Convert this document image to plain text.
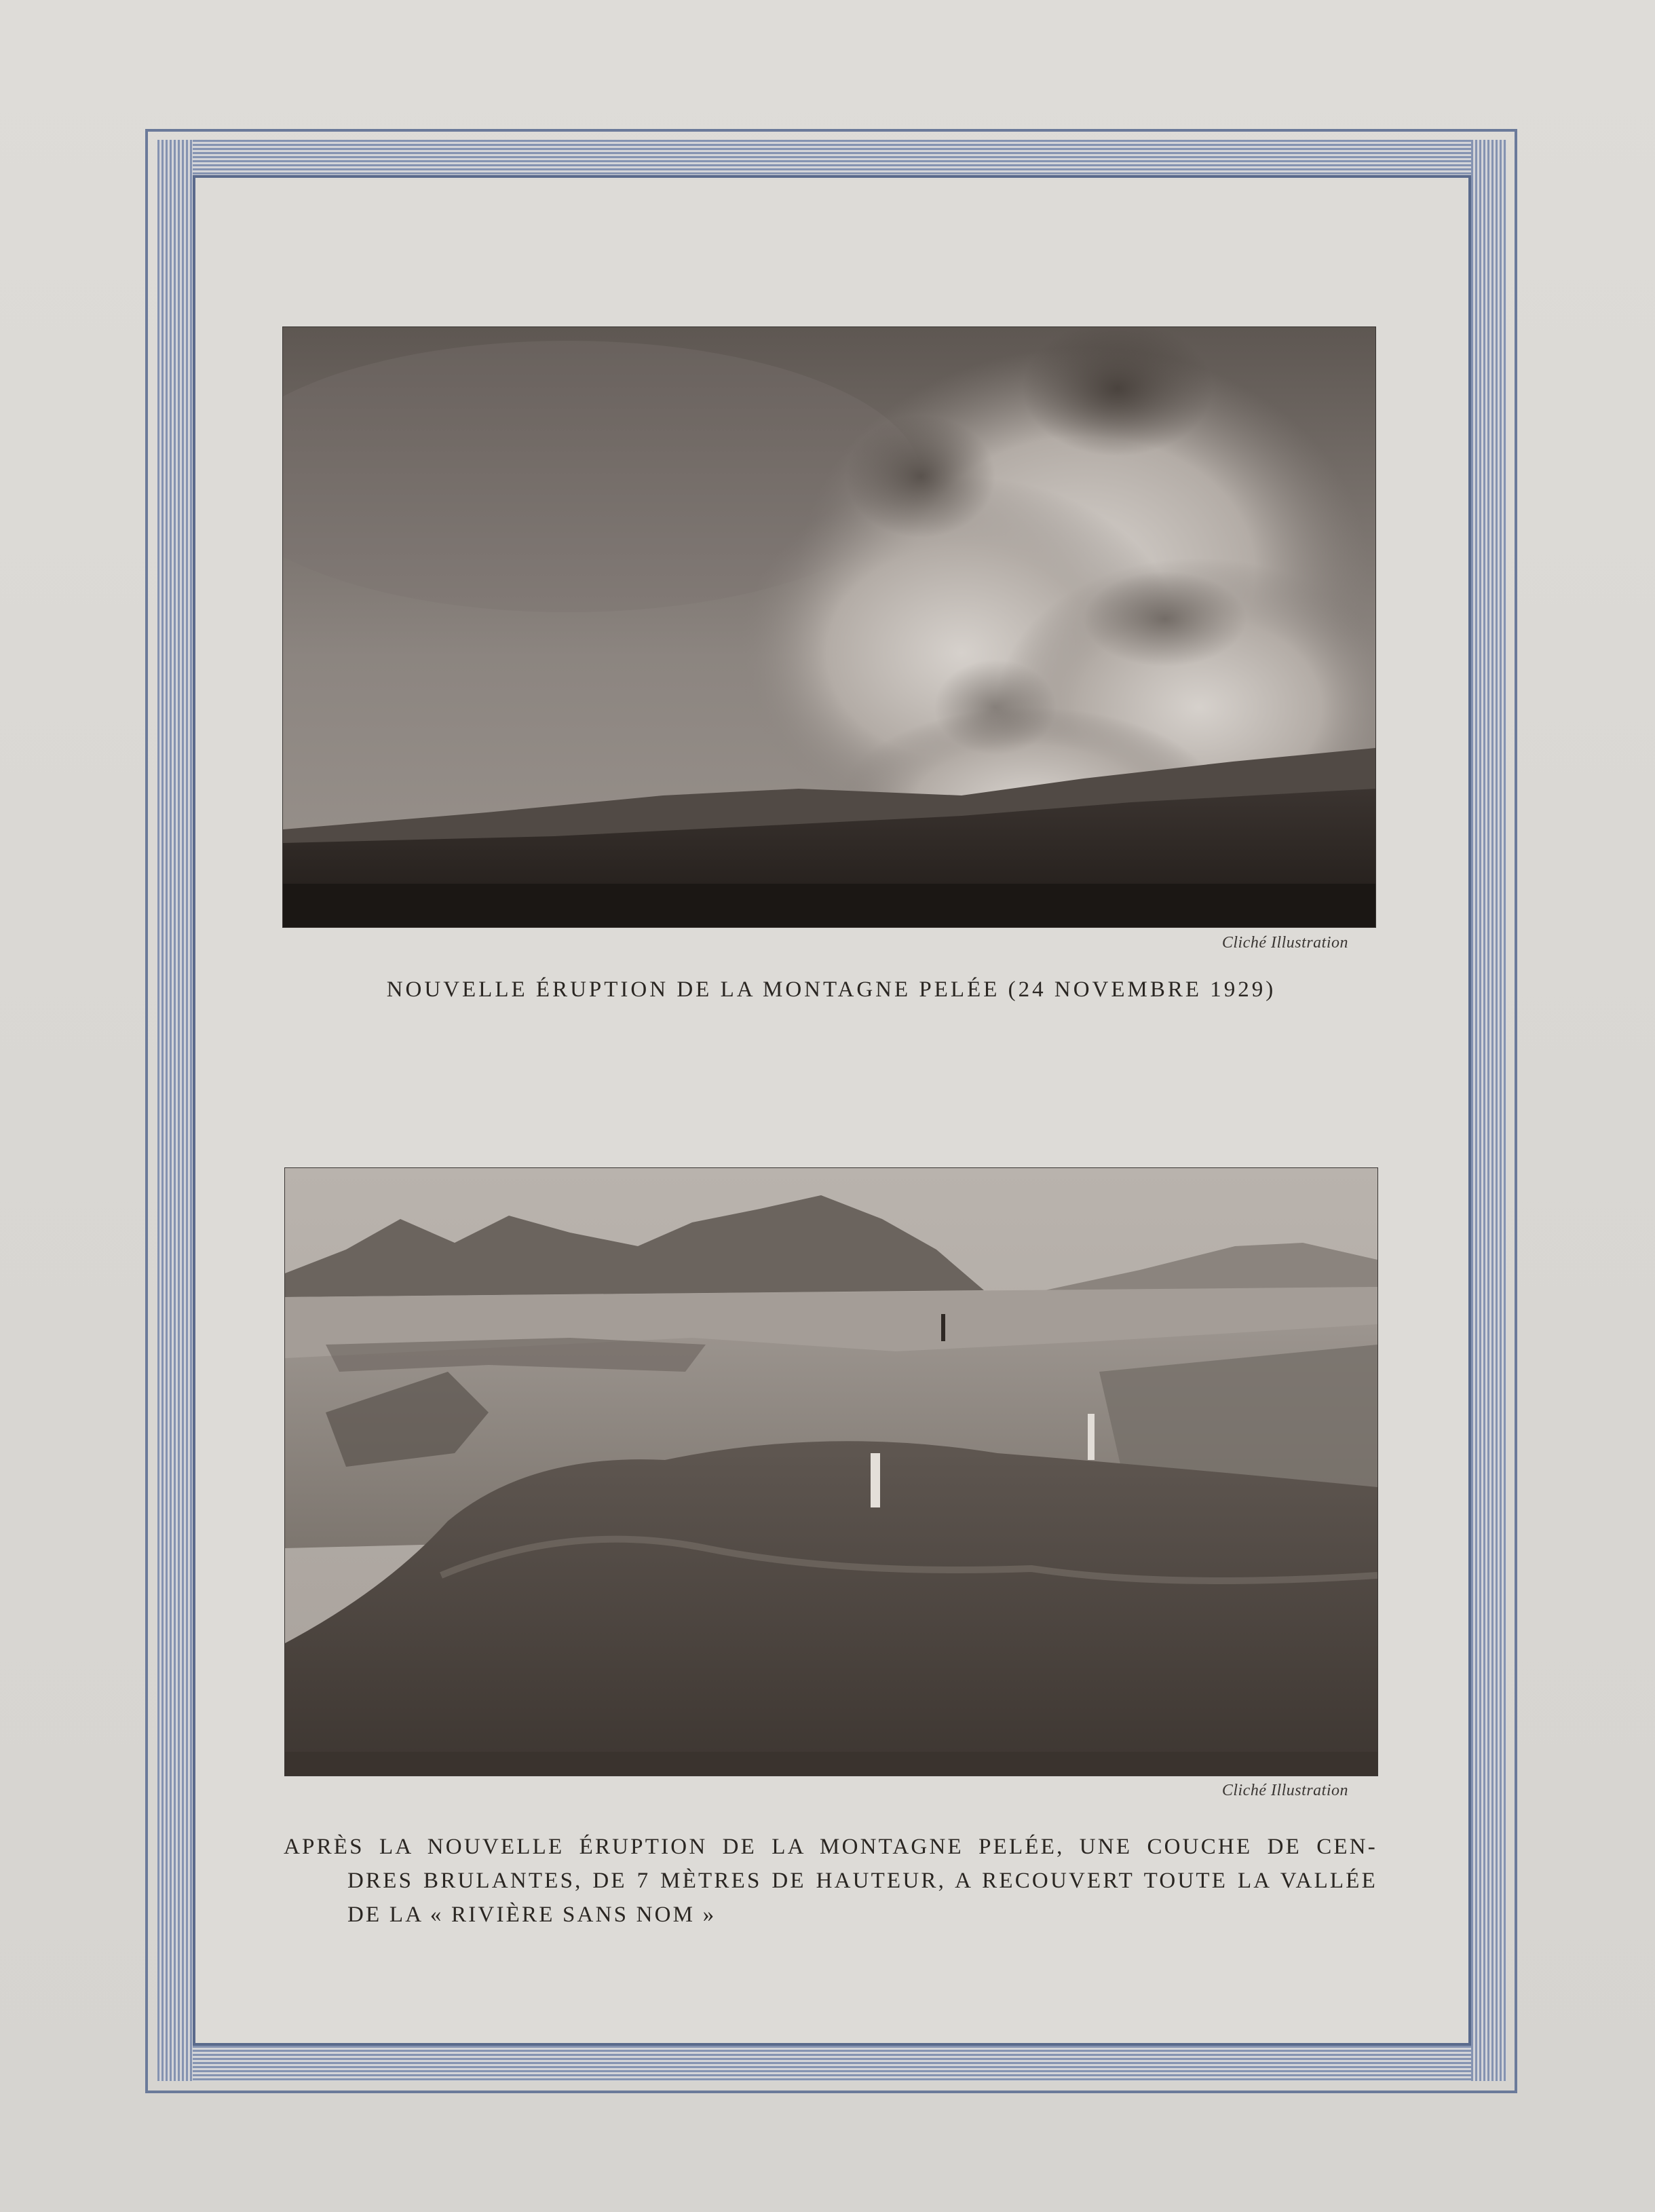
Cliché Illustration
NOUVELLE ÉRUPTION DE LA MONTAGNE PELÉE (24 NOVEMBRE 1929)
Cliché Illustration
APRÈS LA NOUVELLE ÉRUPTION DE LA MONTAGNE PELÉE, UNE COUCHE DE CEN-
DRES BRULANTES, DE 7 MÈTRES DE HAUTEUR, A RECOUVERT TOUTE LA VALLÉE
DE LA « RIVIÈRE SANS NOM »
